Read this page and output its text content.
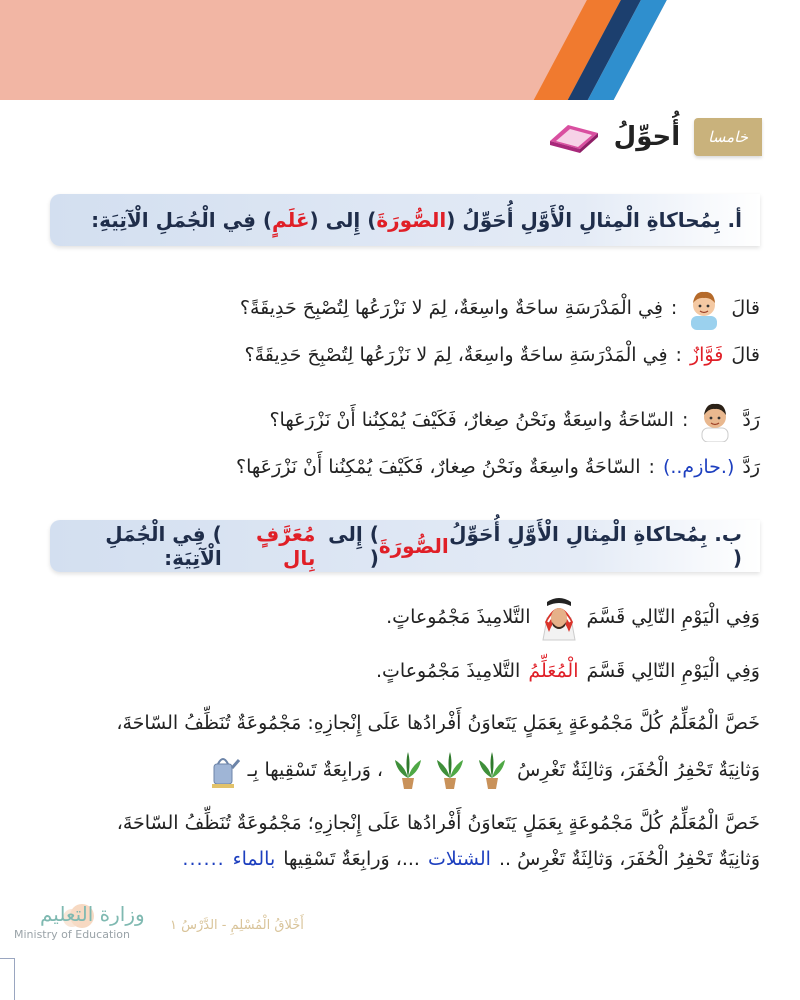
خامسا
أُحوِّلُ
أ. بِمُحاكاةِ الْمِثالِ الْأَوَّلِ أُحَوِّلُ (
الصُّورَةَ
) إِلى (
عَلَمٍ
) فِي الْجُمَلِ الْآتِيَةِ:
قالَ
:
فِي الْمَدْرَسَةِ ساحَةٌ واسِعَةٌ، لِمَ لا نَزْرَعُها لِتُصْبِحَ حَدِيقَةً؟
قالَ
فَوَّازٌ
:
فِي الْمَدْرَسَةِ ساحَةٌ واسِعَةٌ، لِمَ لا نَزْرَعُها لِتُصْبِحَ حَدِيقَةً؟
رَدَّ
:
السّاحَةُ واسِعَةٌ ونَحْنُ صِغارٌ، فَكَيْفَ يُمْكِنُنا أَنْ نَزْرَعَها؟
رَدَّ
(.حازم..)
:
السّاحَةُ واسِعَةٌ ونَحْنُ صِغارٌ، فَكَيْفَ يُمْكِنُنا أَنْ نَزْرَعَها؟
ب. بِمُحاكاةِ الْمِثالِ الْأَوَّلِ أُحَوِّلُ (
الصُّورَةَ
) إِلى (
مُعَرَّفٍ بِال
) فِي الْجُمَلِ الْآتِيَةِ:
وَفِي الْيَوْمِ التّالِي قَسَّمَ
التَّلامِيذَ مَجْمُوعاتٍ.
وَفِي الْيَوْمِ التّالِي قَسَّمَ
الْمُعَلِّمُ
التَّلامِيذَ مَجْمُوعاتٍ.
خَصَّ الْمُعَلِّمُ كُلَّ مَجْمُوعَةٍ بِعَمَلٍ يَتَعاوَنُ أَفْرادُها عَلَى إِنْجازِهِ: مَجْمُوعَةٌ تُنَظِّفُ السّاحَةَ،
وَثانِيَةٌ تَحْفِرُ الْحُفَرَ، وَثالِثَةٌ تَغْرِسُ
، وَرابِعَةٌ تَسْقِيها بِـ
خَصَّ الْمُعَلِّمُ كُلَّ مَجْمُوعَةٍ بِعَمَلٍ يَتَعاوَنُ أَفْرادُها عَلَى إِنْجازِهِ؛ مَجْمُوعَةٌ تُنَظِّفُ السّاحَةَ،
وَثانِيَةٌ تَحْفِرُ الْحُفَرَ، وَثالِثَةٌ تَغْرِسُ ..
الشتلات
...، وَرابِعَةٌ تَسْقِيها
بالماء
......
وزارة التعليم
Ministry of Education
أَخْلاقُ الْمُسْلِمِ - الدَّرْسُ ١
